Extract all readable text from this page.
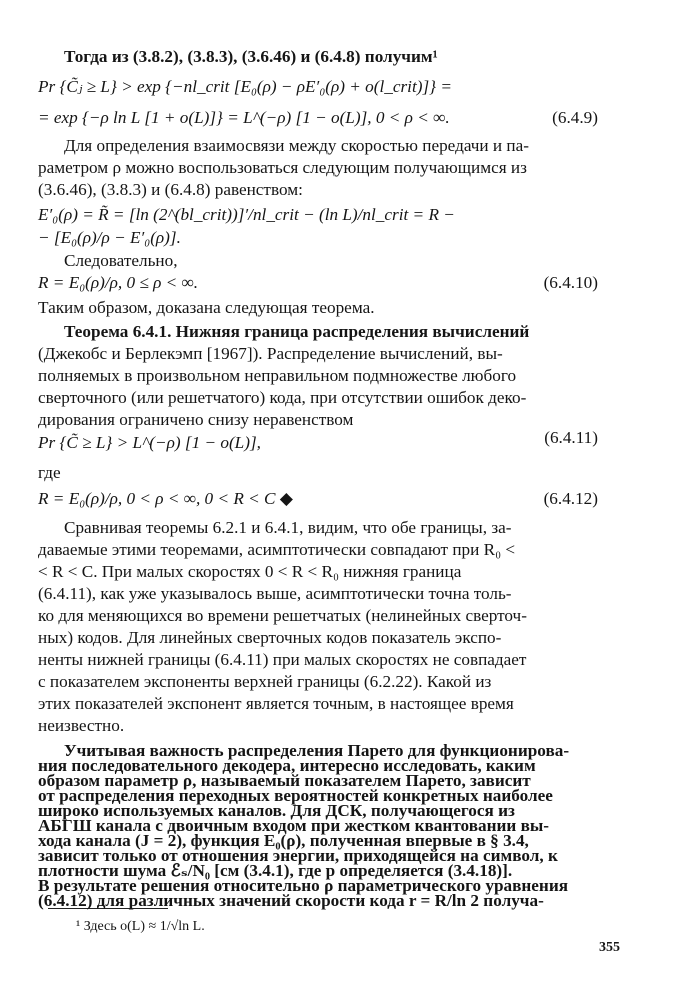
Тогда из (3.8.2), (3.8.3), (3.6.46) и (6.4.8) получим¹
Pr {C̃ⱼ ≥ L} > exp {−nl_crit [E₀(ρ) − ρE′₀(ρ) + o(l_crit)]} =
= exp {−ρ ln L [1 + o(L)]} = L^(−ρ) [1 − o(L)], 0 < ρ < ∞.	(6.4.9)
Для определения взаимосвязи между скоростью передачи и па-
раметром ρ можно воспользоваться следующим получающимся из
(3.6.46), (3.8.3) и (6.4.8) равенством:
E′₀(ρ) = R̃ = [ln (2^(bl_crit))]′/nl_crit − (ln L)/nl_crit = R −
− [E₀(ρ)/ρ − E′₀(ρ)].
Следовательно,
R = E₀(ρ)/ρ, 0 ≤ ρ < ∞.	(6.4.10)
Таким образом, доказана следующая теорема.
Теорема 6.4.1. Нижняя граница распределения вычислений
(Джекобс и Берлекэмп [1967]). Распределение вычислений, вы-
полняемых в произвольном неправильном подмножестве любого
сверточного (или решетчатого) кода, при отсутствии ошибок деко-
дирования ограничено снизу неравенством
Pr {C̃ ≥ L} > L^(−ρ) [1 − o(L)],	(6.4.11)
где
R = E₀(ρ)/ρ, 0 < ρ < ∞, 0 < R < C ◆	(6.4.12)
Сравнивая теоремы 6.2.1 и 6.4.1, видим, что обе границы, за-
даваемые этими теоремами, асимптотически совпадают при R₀ <
< R < C. При малых скоростях 0 < R < R₀ нижняя граница
(6.4.11), как уже указывалось выше, асимптотически точна толь-
ко для меняющихся во времени решетчатых (нелинейных сверточ-
ных) кодов. Для линейных сверточных кодов показатель экспо-
ненты нижней границы (6.4.11) при малых скоростях не совпадает
с показателем экспоненты верхней границы (6.2.22). Какой из
этих показателей экспонент является точным, в настоящее время
неизвестно.
Учитывая важность распределения Парето для функционирова-
ния последовательного декодера, интересно исследовать, каким
образом параметр ρ, называемый показателем Парето, зависит
от распределения переходных вероятностей конкретных наиболее
широко используемых каналов. Для ДСК, получающегося из
АБГШ канала с двоичным входом при жестком квантовании вы-
хода канала (J = 2), функция E₀(ρ), полученная впервые в § 3.4,
¹ Здесь o(L) ≈ 1/√ln L.
355
зависит только от отношения энергии, приходящейся на символ, к
плотности шума ℰₛ/N₀ [см (3.4.1), где p определяется (3.4.18)].
В результате решения относительно ρ параметрического уравнения
(6.4.12) для различных значений скорости кода r = R/ln 2 получа-
